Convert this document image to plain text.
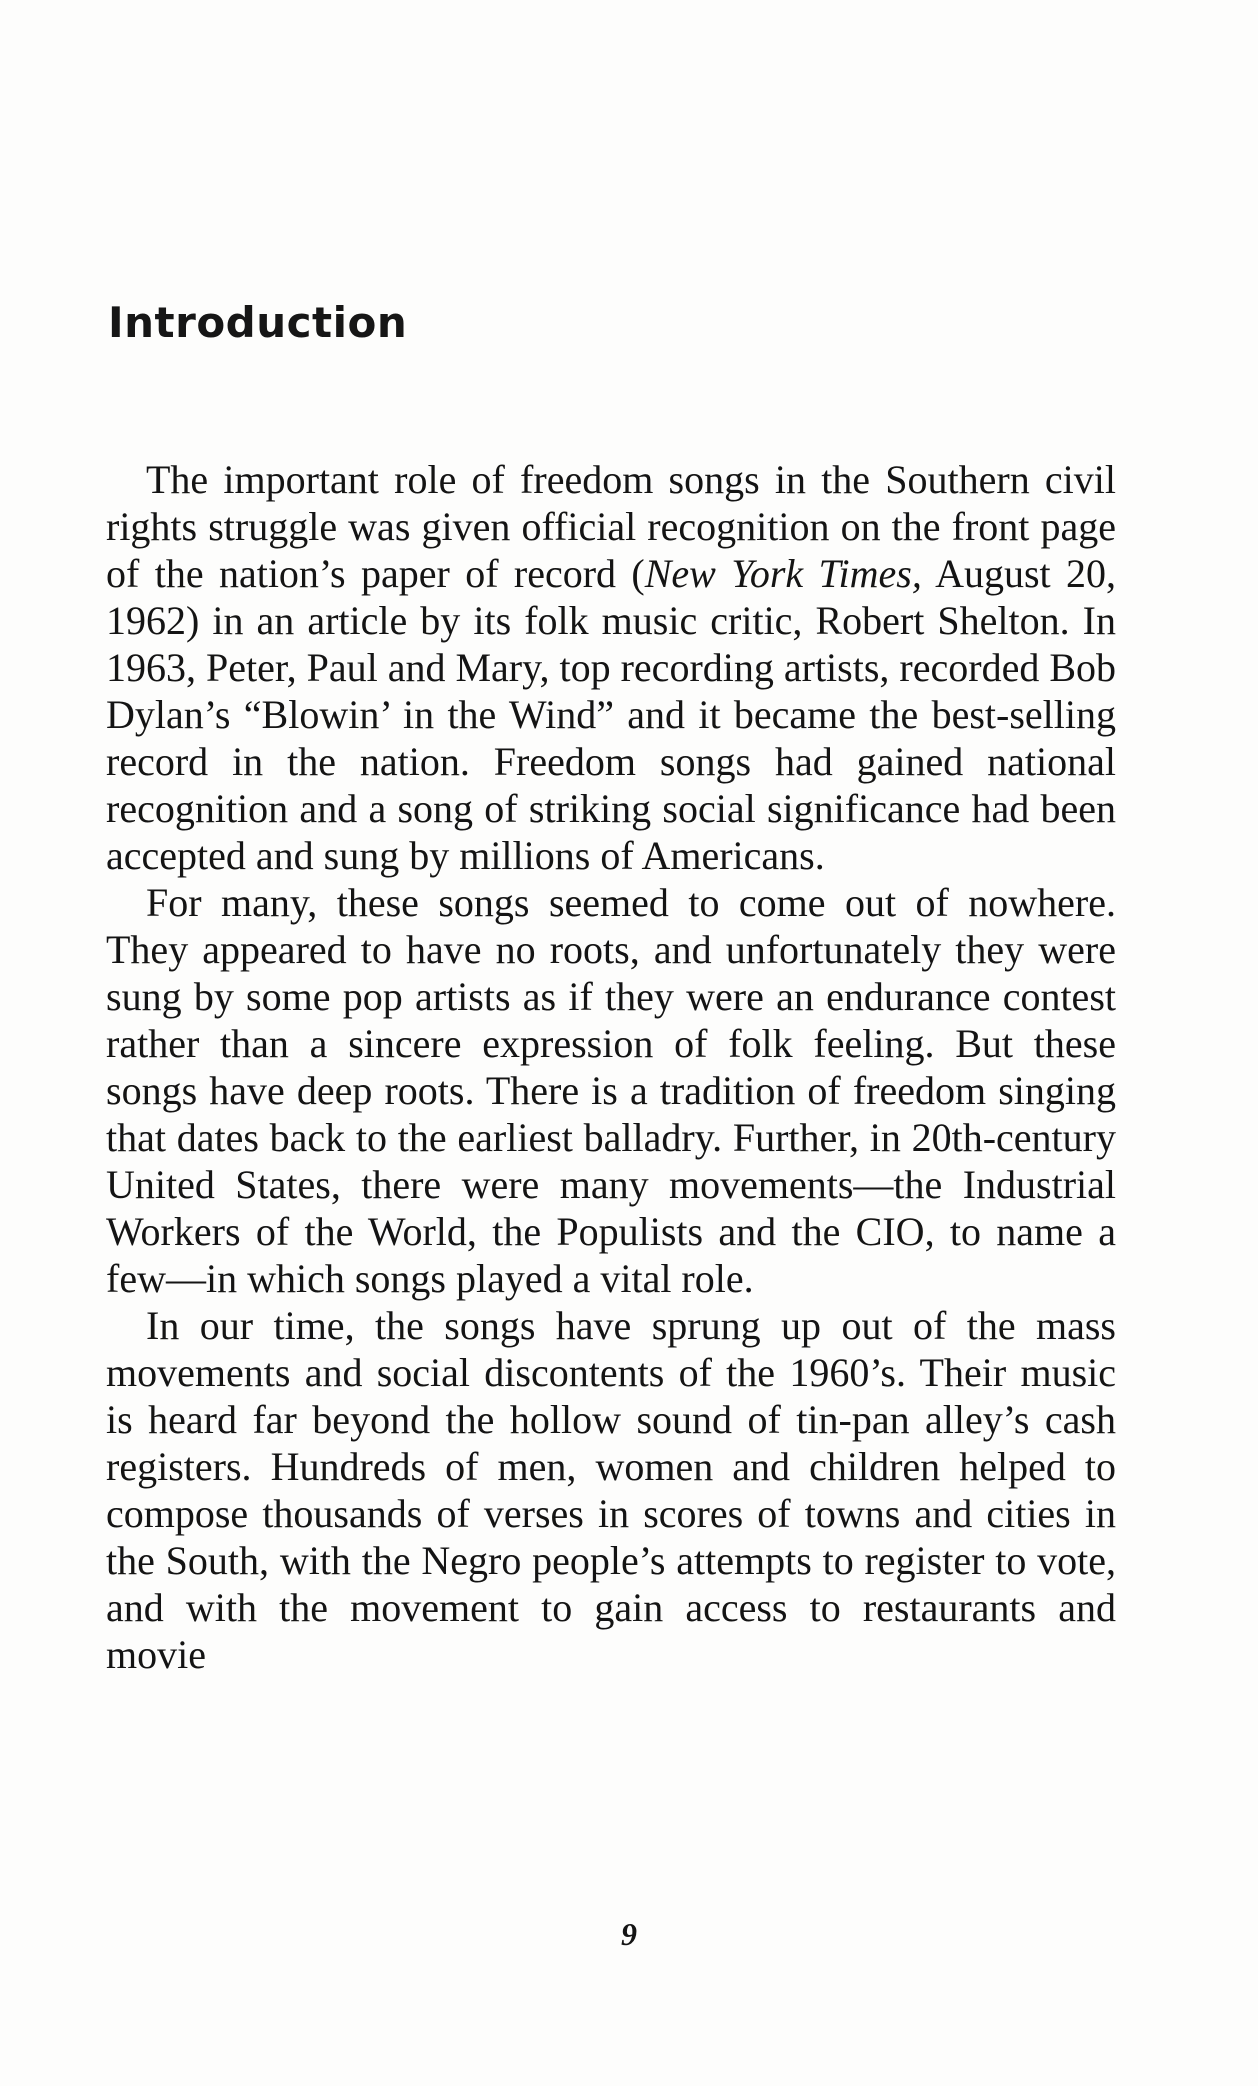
Introduction

The important role of freedom songs in the Southern civil rights struggle was given official recognition on the front page of the nation’s paper of record (New York Times, August 20, 1962) in an article by its folk music critic, Robert Shelton. In 1963, Peter, Paul and Mary, top recording artists, recorded Bob Dylan’s “Blowin’ in the Wind” and it became the best-selling record in the nation. Freedom songs had gained national recognition and a song of striking social significance had been accepted and sung by millions of Americans.

For many, these songs seemed to come out of nowhere. They appeared to have no roots, and unfortunately they were sung by some pop artists as if they were an endurance contest rather than a sincere expression of folk feeling. But these songs have deep roots. There is a tradition of freedom singing that dates back to the earliest balladry. Further, in 20th-century United States, there were many movements—the Industrial Workers of the World, the Populists and the CIO, to name a few—in which songs played a vital role.

In our time, the songs have sprung up out of the mass movements and social discontents of the 1960’s. Their music is heard far beyond the hollow sound of tin-pan alley’s cash registers. Hundreds of men, women and children helped to compose thousands of verses in scores of towns and cities in the South, with the Negro people’s attempts to register to vote, and with the movement to gain access to restaurants and movie

9
